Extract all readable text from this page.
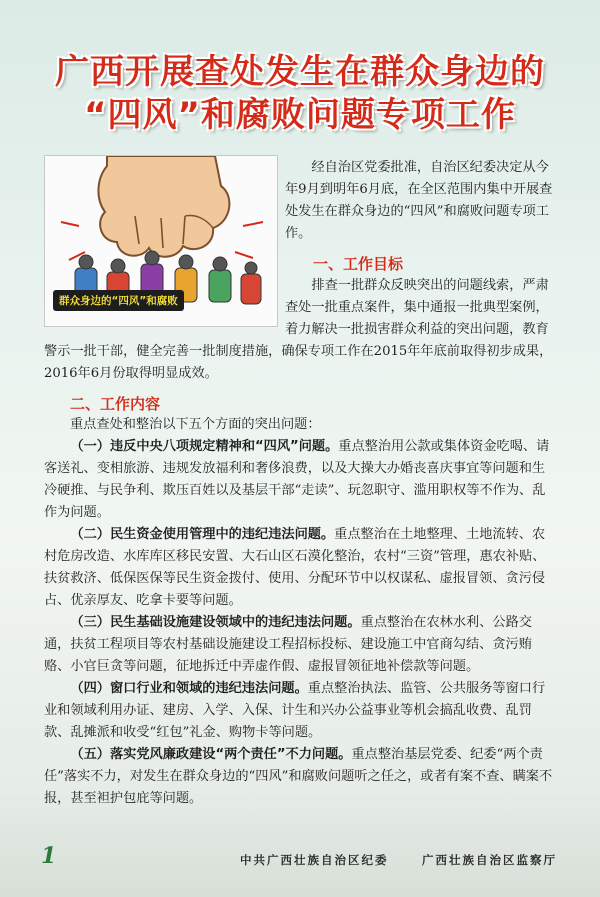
广西开展查处发生在群众身边的
“四风”和腐败问题专项工作
群众身边的“四风”和腐败

经自治区党委批准，自治区纪委决定从今年9月到明年6月底，在全区范围内集中开展查处发生在群众身边的“四风”和腐败问题专项工作。

一、工作目标

排查一批群众反映突出的问题线索，严肃查处一批重点案件，集中通报一批典型案例，着力解决一批损害群众利益的突出问题，教育警示一批干部，健全完善一批制度措施，确保专项工作在2015年年底前取得初步成果，2016年6月份取得明显成效。

二、工作内容

重点查处和整治以下五个方面的突出问题：

（一）违反中央八项规定精神和“四风”问题。重点整治用公款或集体资金吃喝、请客送礼、变相旅游、违规发放福利和奢侈浪费，以及大操大办婚丧喜庆事宜等问题和生冷硬推、与民争利、欺压百姓以及基层干部“走读”、玩忽职守、滥用职权等不作为、乱作为问题。

（二）民生资金使用管理中的违纪违法问题。重点整治在土地整理、土地流转、农村危房改造、水库库区移民安置、大石山区石漠化整治，农村“三资”管理，惠农补贴、扶贫救济、低保医保等民生资金拨付、使用、分配环节中以权谋私、虚报冒领、贪污侵占、优亲厚友、吃拿卡要等问题。

（三）民生基础设施建设领域中的违纪违法问题。重点整治在农林水利、公路交通，扶贫工程项目等农村基础设施建设工程招标投标、建设施工中官商勾结、贪污贿赂、小官巨贪等问题，征地拆迁中弄虚作假、虚报冒领征地补偿款等问题。

（四）窗口行业和领域的违纪违法问题。重点整治执法、监管、公共服务等窗口行业和领域利用办证、建房、入学、入保、计生和兴办公益事业等机会搞乱收费、乱罚款、乱摊派和收受“红包”礼金、购物卡等问题。

（五）落实党风廉政建设“两个责任”不力问题。重点整治基层党委、纪委“两个责任”落实不力，对发生在群众身边的“四风”和腐败问题听之任之，或者有案不查、瞒案不报，甚至袒护包庇等问题。

1	中共广西壮族自治区纪委	广西壮族自治区监察厅
